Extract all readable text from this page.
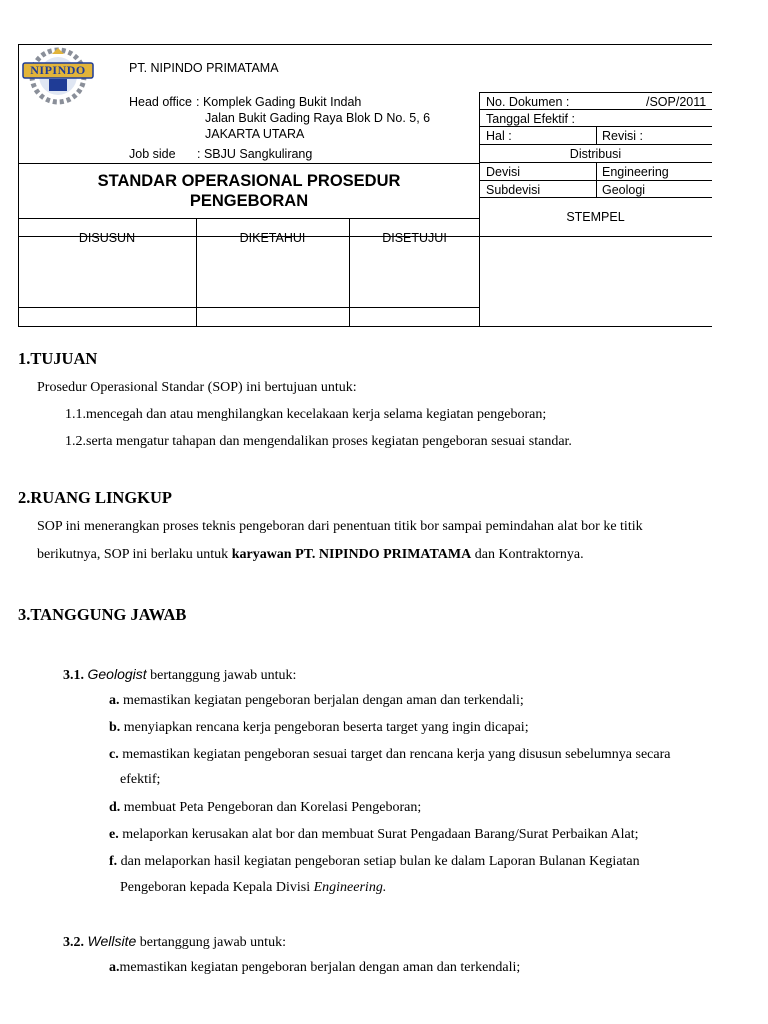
NIPINDO	PT. NIPINDO PRIMATAMA
Head office : Komplek Gading Bukit Indah
Jalan Bukit Gading Raya Blok D No. 5, 6
JAKARTA UTARA
Job side : SBJU Sangkulirang
STANDAR OPERASIONAL PROSEDUR
PENGEBORAN
DISUSUN	DIKETAHUI	DISETUJUI
No. Dokumen :	/SOP/2011
Tanggal Efektif :
Hal :	Revisi :
Distribusi
Devisi	Engineering
Subdevisi	Geologi
STEMPEL
1.TUJUAN
Prosedur Operasional Standar (SOP) ini bertujuan untuk:
1.1.mencegah dan atau menghilangkan kecelakaan kerja selama kegiatan pengeboran;
1.2.serta mengatur tahapan dan mengendalikan proses kegiatan pengeboran sesuai standar.
2.RUANG LINGKUP
SOP ini menerangkan proses teknis pengeboran dari penentuan titik bor sampai pemindahan alat bor ke titik
berikutnya, SOP ini berlaku untuk karyawan PT. NIPINDO PRIMATAMA dan Kontraktornya.
3.TANGGUNG JAWAB
3.1. Geologist bertanggung jawab untuk:
a. memastikan kegiatan pengeboran berjalan dengan aman dan terkendali;
b. menyiapkan rencana kerja pengeboran beserta target yang ingin dicapai;
c. memastikan kegiatan pengeboran sesuai target dan rencana kerja yang disusun sebelumnya secara
efektif;
d. membuat Peta Pengeboran dan Korelasi Pengeboran;
e. melaporkan kerusakan alat bor dan membuat Surat Pengadaan Barang/Surat Perbaikan Alat;
f. dan melaporkan hasil kegiatan pengeboran setiap bulan ke dalam Laporan Bulanan Kegiatan
Pengeboran kepada Kepala Divisi Engineering.
3.2. Wellsite bertanggung jawab untuk:
a.memastikan kegiatan pengeboran berjalan dengan aman dan terkendali;
